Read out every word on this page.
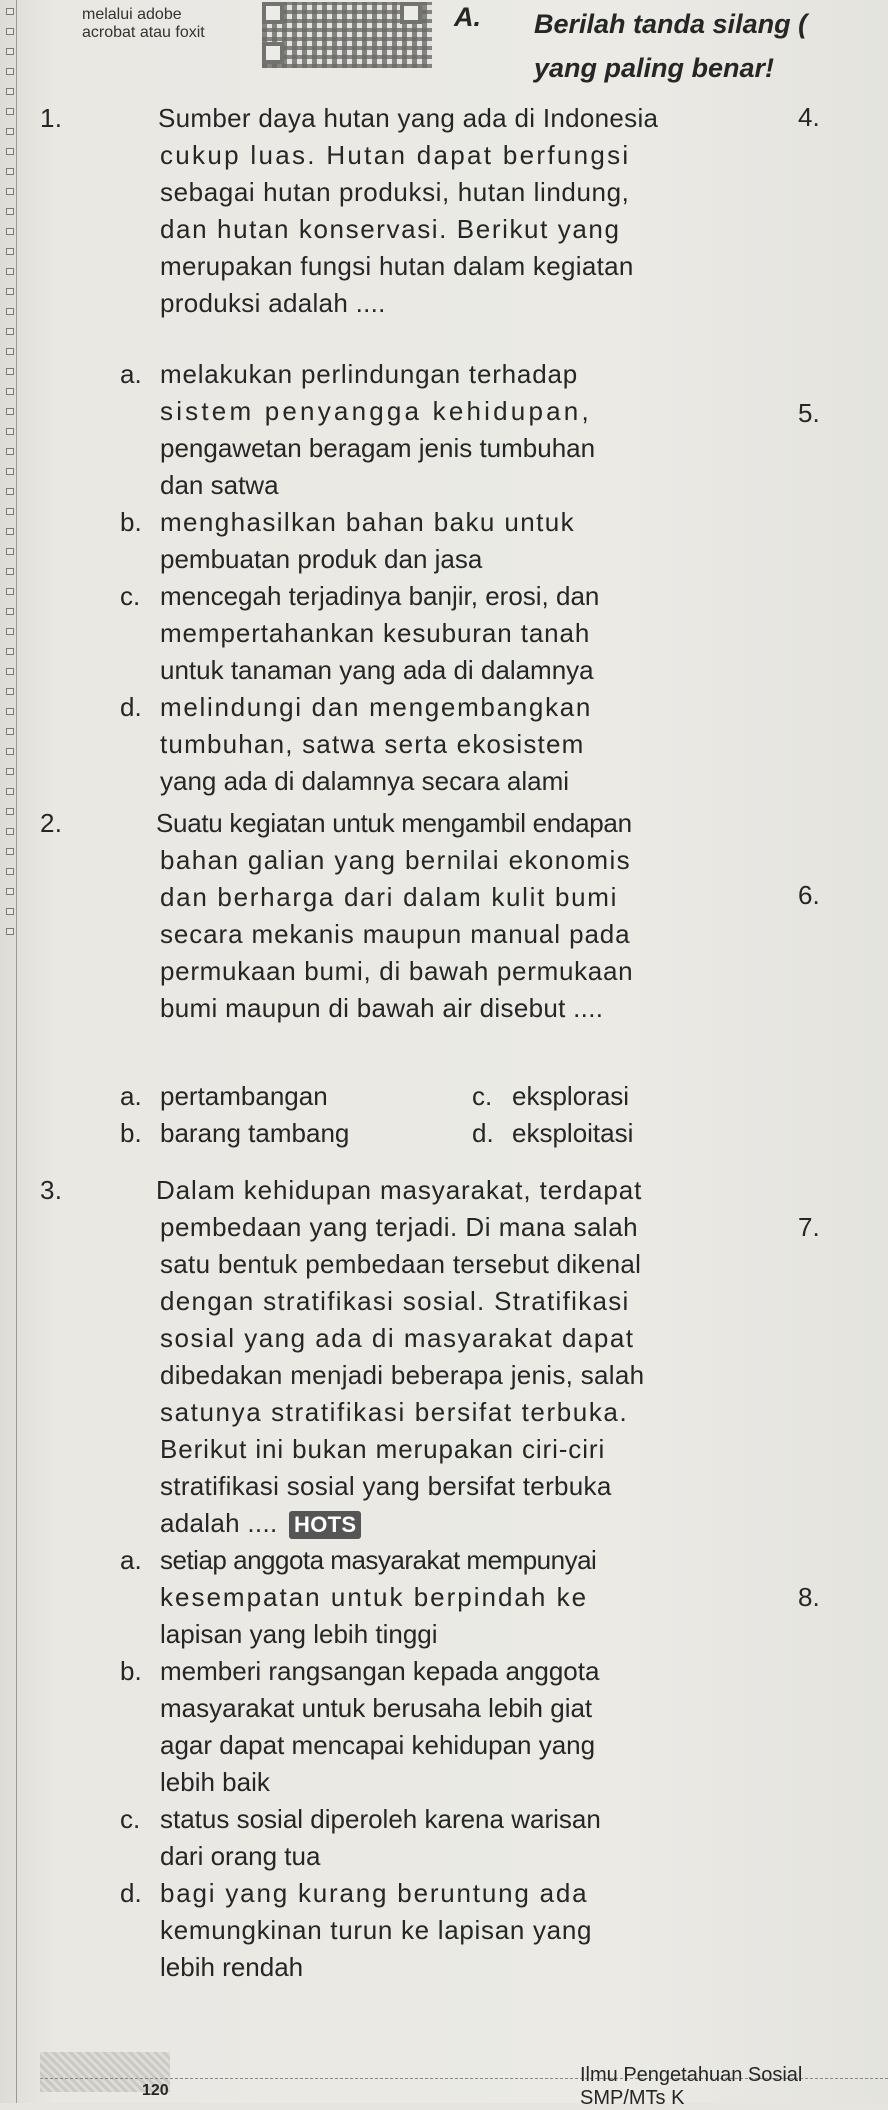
melalui adobe
acrobat atau foxit
A. Berilah tanda silang (
yang paling benar!
1.	Sumber daya hutan yang ada di Indonesia
cukup luas. Hutan dapat berfungsi
sebagai hutan produksi, hutan lindung,
dan hutan konservasi. Berikut yang
merupakan fungsi hutan dalam kegiatan
produksi adalah ....
a. melakukan perlindungan terhadap
sistem penyangga kehidupan,
pengawetan beragam jenis tumbuhan
dan satwa
b. menghasilkan bahan baku untuk
pembuatan produk dan jasa
c. mencegah terjadinya banjir, erosi, dan
mempertahankan kesuburan tanah
untuk tanaman yang ada di dalamnya
d. melindungi dan mengembangkan
tumbuhan, satwa serta ekosistem
yang ada di dalamnya secara alami
2.	Suatu kegiatan untuk mengambil endapan
bahan galian yang bernilai ekonomis
dan berharga dari dalam kulit bumi
secara mekanis maupun manual pada
permukaan bumi, di bawah permukaan
bumi maupun di bawah air disebut ....
a. pertambangan
b. barang tambang
c. eksplorasi
d. eksploitasi
3.	Dalam kehidupan masyarakat, terdapat
pembedaan yang terjadi. Di mana salah
satu bentuk pembedaan tersebut dikenal
dengan stratifikasi sosial. Stratifikasi
sosial yang ada di masyarakat dapat
dibedakan menjadi beberapa jenis, salah
satunya stratifikasi bersifat terbuka.
Berikut ini bukan merupakan ciri-ciri
stratifikasi sosial yang bersifat terbuka
adalah .... HOTS
a. setiap anggota masyarakat mempunyai
kesempatan untuk berpindah ke
lapisan yang lebih tinggi
b. memberi rangsangan kepada anggota
masyarakat untuk berusaha lebih giat
agar dapat mencapai kehidupan yang
lebih baik
c. status sosial diperoleh karena warisan
dari orang tua
d. bagi yang kurang beruntung ada
kemungkinan turun ke lapisan yang
lebih rendah
4.
5.
6.
7.
8.
120
Ilmu Pengetahuan Sosial SMP/MTs K
